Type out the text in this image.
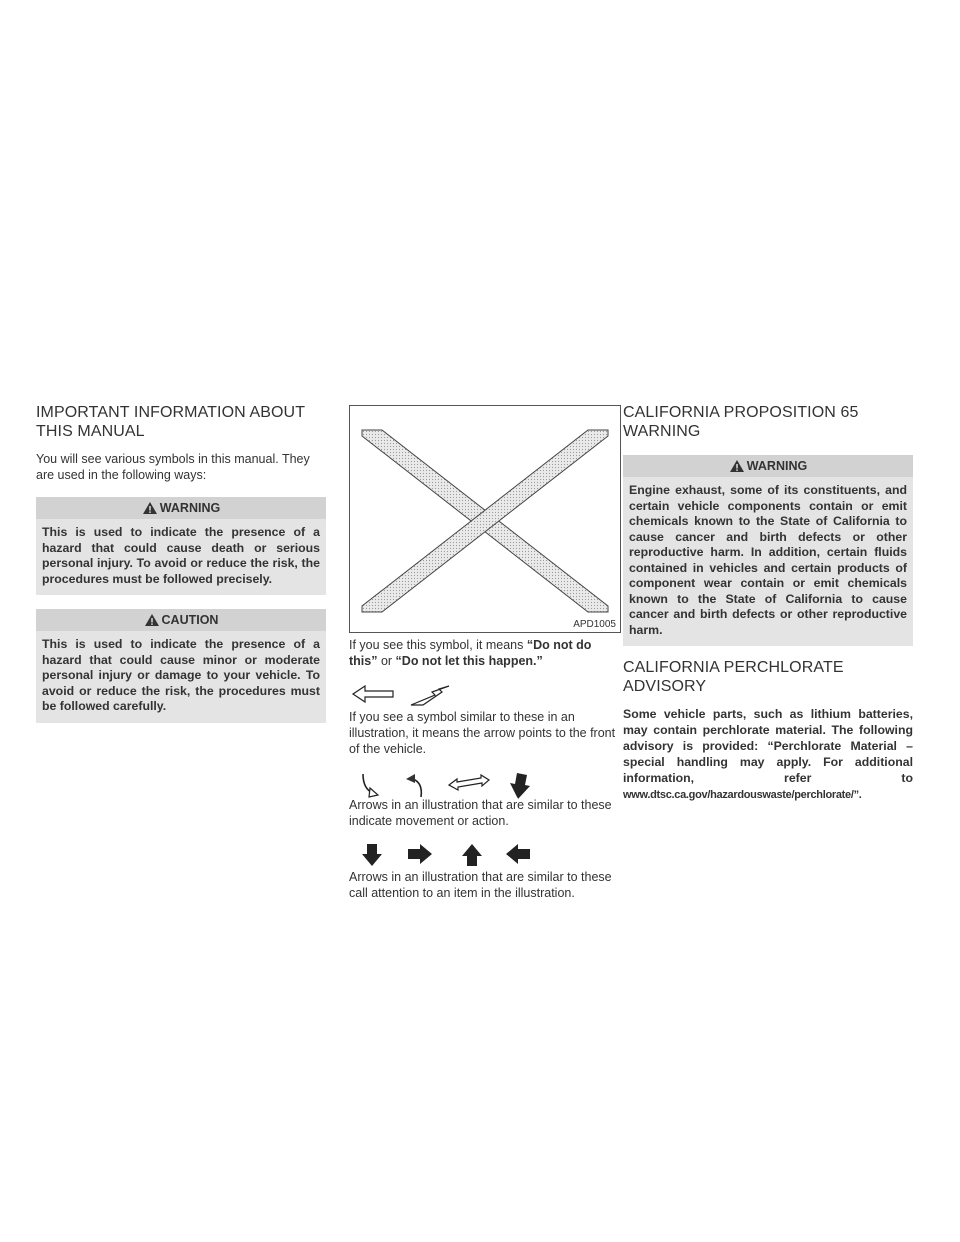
IMPORTANT INFORMATION ABOUT THIS MANUAL

You will see various symbols in this manual. They are used in the following ways:

WARNING
This is used to indicate the presence of a hazard that could cause death or serious personal injury. To avoid or reduce the risk, the procedures must be followed precisely.
CAUTION
This is used to indicate the presence of a hazard that could cause minor or moderate personal injury or damage to your vehicle. To avoid or reduce the risk, the procedures must be followed carefully.
APD1005

If you see this symbol, it means “Do not do this” or “Do not let this happen.”

If you see a symbol similar to these in an illustration, it means the arrow points to the front of the vehicle.

Arrows in an illustration that are similar to these indicate movement or action.

Arrows in an illustration that are similar to these call attention to an item in the illustration.

CALIFORNIA PROPOSITION 65 WARNING
WARNING
Engine exhaust, some of its constituents, and certain vehicle components contain or emit chemicals known to the State of California to cause cancer and birth defects or other reproductive harm. In addition, certain fluids contained in vehicles and certain products of component wear contain or emit chemicals known to the State of California to cause cancer and birth defects or other reproductive harm.
CALIFORNIA PERCHLORATE ADVISORY
Some vehicle parts, such as lithium batteries, may contain perchlorate material. The following advisory is provided: “Perchlorate Material – special handling may apply. For additional information, refer to www.dtsc.ca.gov/hazardouswaste/perchlorate/”.
